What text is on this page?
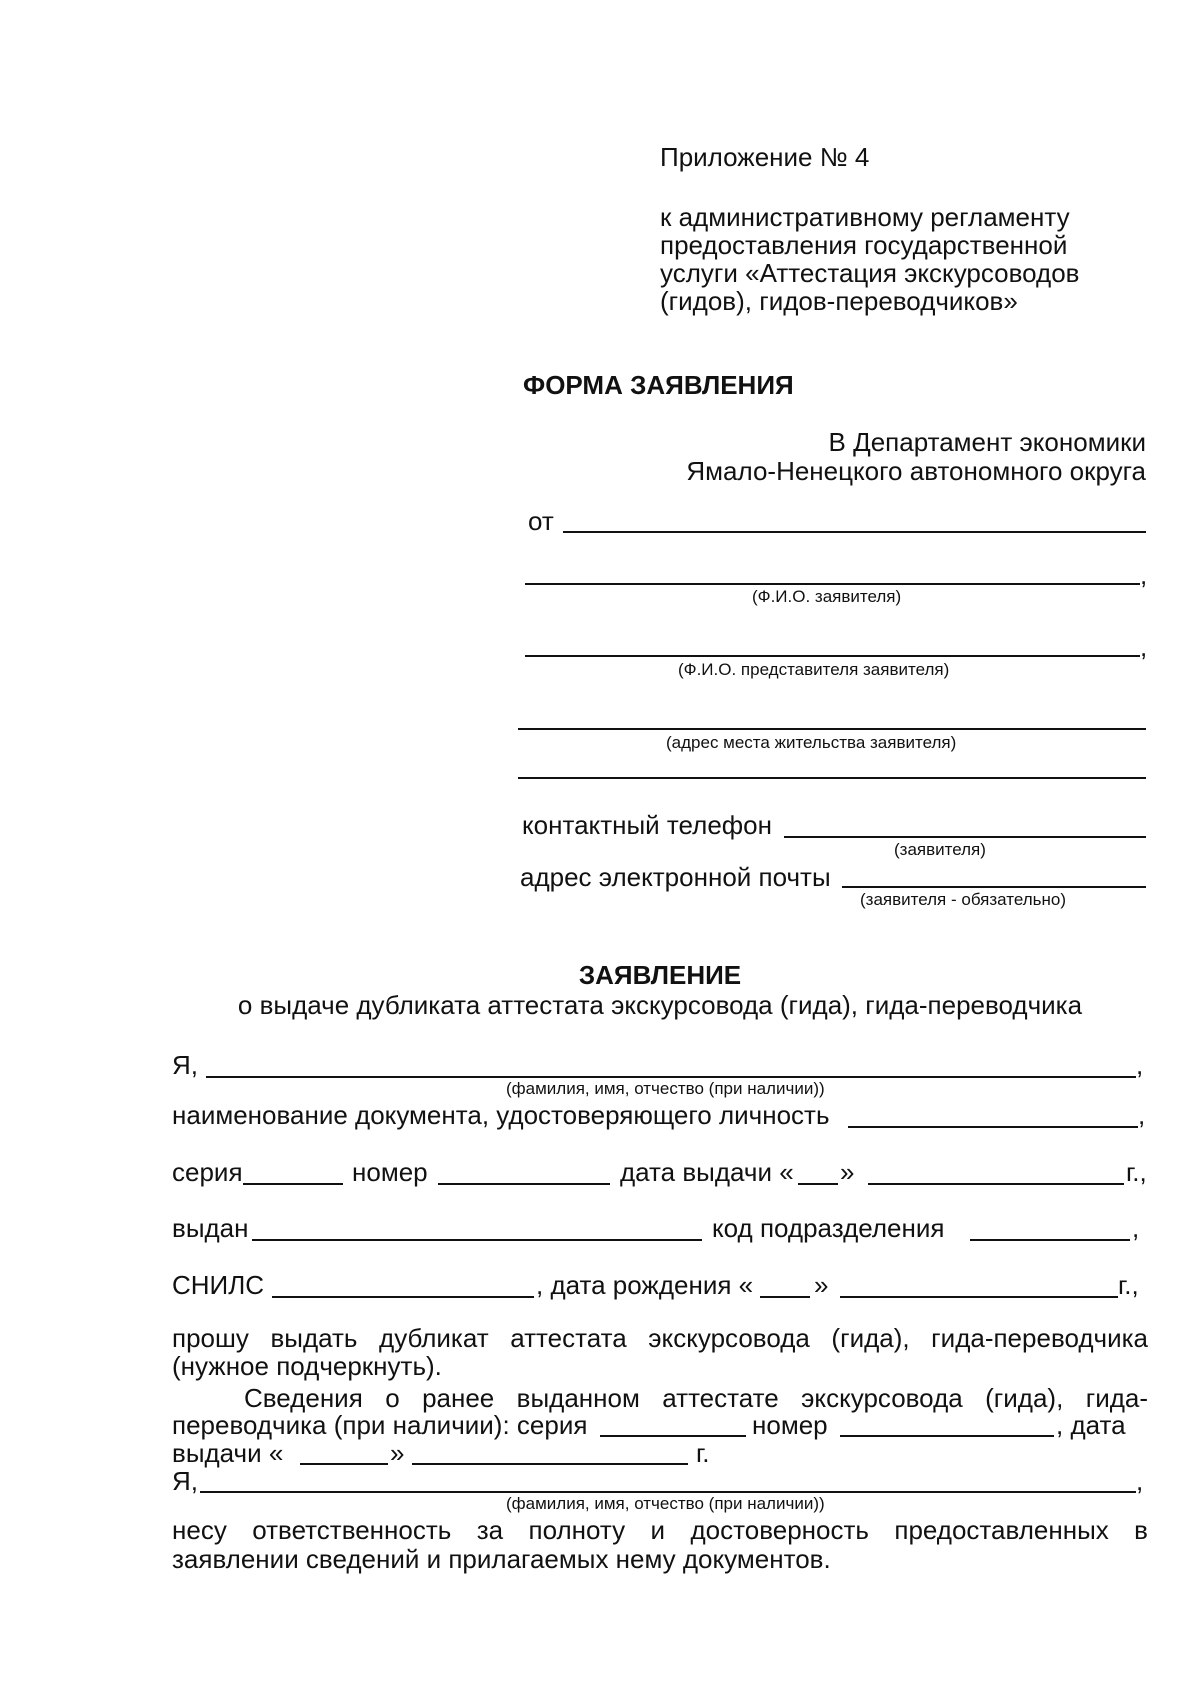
Приложение № 4
к административному регламенту
предоставления государственной
услуги «Аттестация экскурсоводов
(гидов), гидов-переводчиков»
ФОРМА ЗАЯВЛЕНИЯ
В Департамент экономики
Ямало-Ненецкого автономного округа
от
,
(Ф.И.О. заявителя)
,
(Ф.И.О. представителя заявителя)
(адрес места жительства заявителя)
контактный телефон
(заявителя)
адрес электронной почты
(заявителя - обязательно)
ЗАЯВЛЕНИЕ
о выдаче дубликата аттестата экскурсовода (гида), гида-переводчика
Я,	,
(фамилия, имя, отчество (при наличии))
наименование документа, удостоверяющего личность	,
серия	номер	дата выдачи « »	г.,
выдан	код подразделения	,
СНИЛС	, дата рождения « »	г.,
прошу выдать дубликат аттестата экскурсовода (гида), гида-переводчика
(нужное подчеркнуть).
Сведения о ранее выданном аттестате экскурсовода (гида), гида-
переводчика (при наличии): серия	номер	, дата
выдачи «	»	г.
Я,	,
(фамилия, имя, отчество (при наличии))
несу ответственность за полноту и достоверность предоставленных в
заявлении сведений и прилагаемых нему документов.
